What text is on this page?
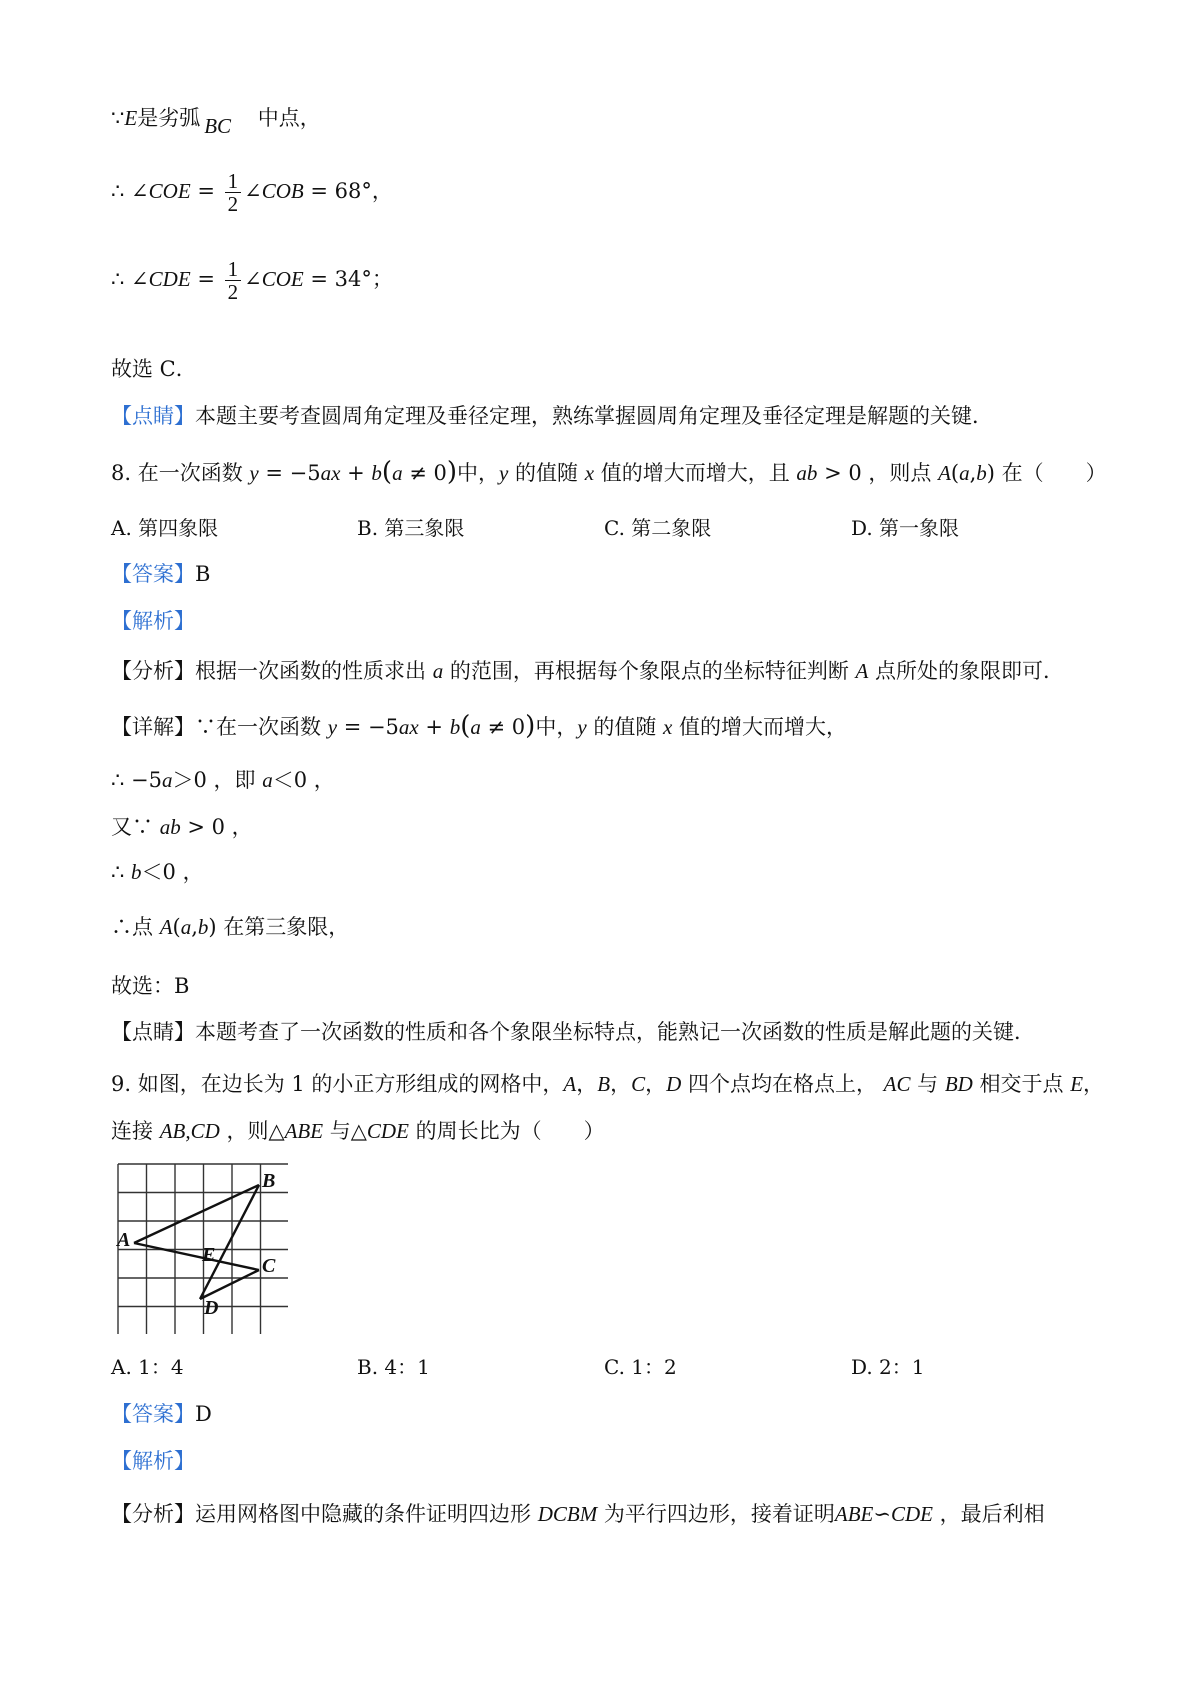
∵E是劣弧 BC 中点，
∴ ∠COE = $\frac{1}{2}$ ∠COB = 68°，
∴ ∠CDE = $\frac{1}{2}$ ∠COE = 34°；
故选 C．
【点睛】本题主要考查圆周角定理及垂径定理，熟练掌握圆周角定理及垂径定理是解题的关键．
8. 在一次函数 y = −5ax + b(a ≠ 0)中，y 的值随 x 值的增大而增大，且 ab > 0 ，则点 A(a,b) 在（　　）
A. 第四象限	B. 第三象限	C. 第二象限	D. 第一象限
【答案】B
【解析】
【分析】根据一次函数的性质求出 a 的范围，再根据每个象限点的坐标特征判断 A 点所处的象限即可．
【详解】∵在一次函数 y = −5ax + b(a ≠ 0)中，y 的值随 x 值的增大而增大，
∴ −5a＞0 ，即 a＜0 ，
又∵ ab > 0 ，
∴ b＜0 ，
∴点 A(a,b) 在第三象限，
故选：B
【点睛】本题考查了一次函数的性质和各个象限坐标特点，能熟记一次函数的性质是解此题的关键．
9. 如图，在边长为 1 的小正方形组成的网格中，A，B，C，D 四个点均在格点上， AC 与 BD 相交于点 E，
连接 AB,CD ，则△ABE 与△CDE 的周长比为（　　）
A
B
C
D
E
A. 1：4	B. 4：1	C. 1：2	D. 2：1
【答案】D
【解析】
【分析】运用网格图中隐藏的条件证明四边形 DCBM 为平行四边形，接着证明ABE∽CDE ，最后利相
